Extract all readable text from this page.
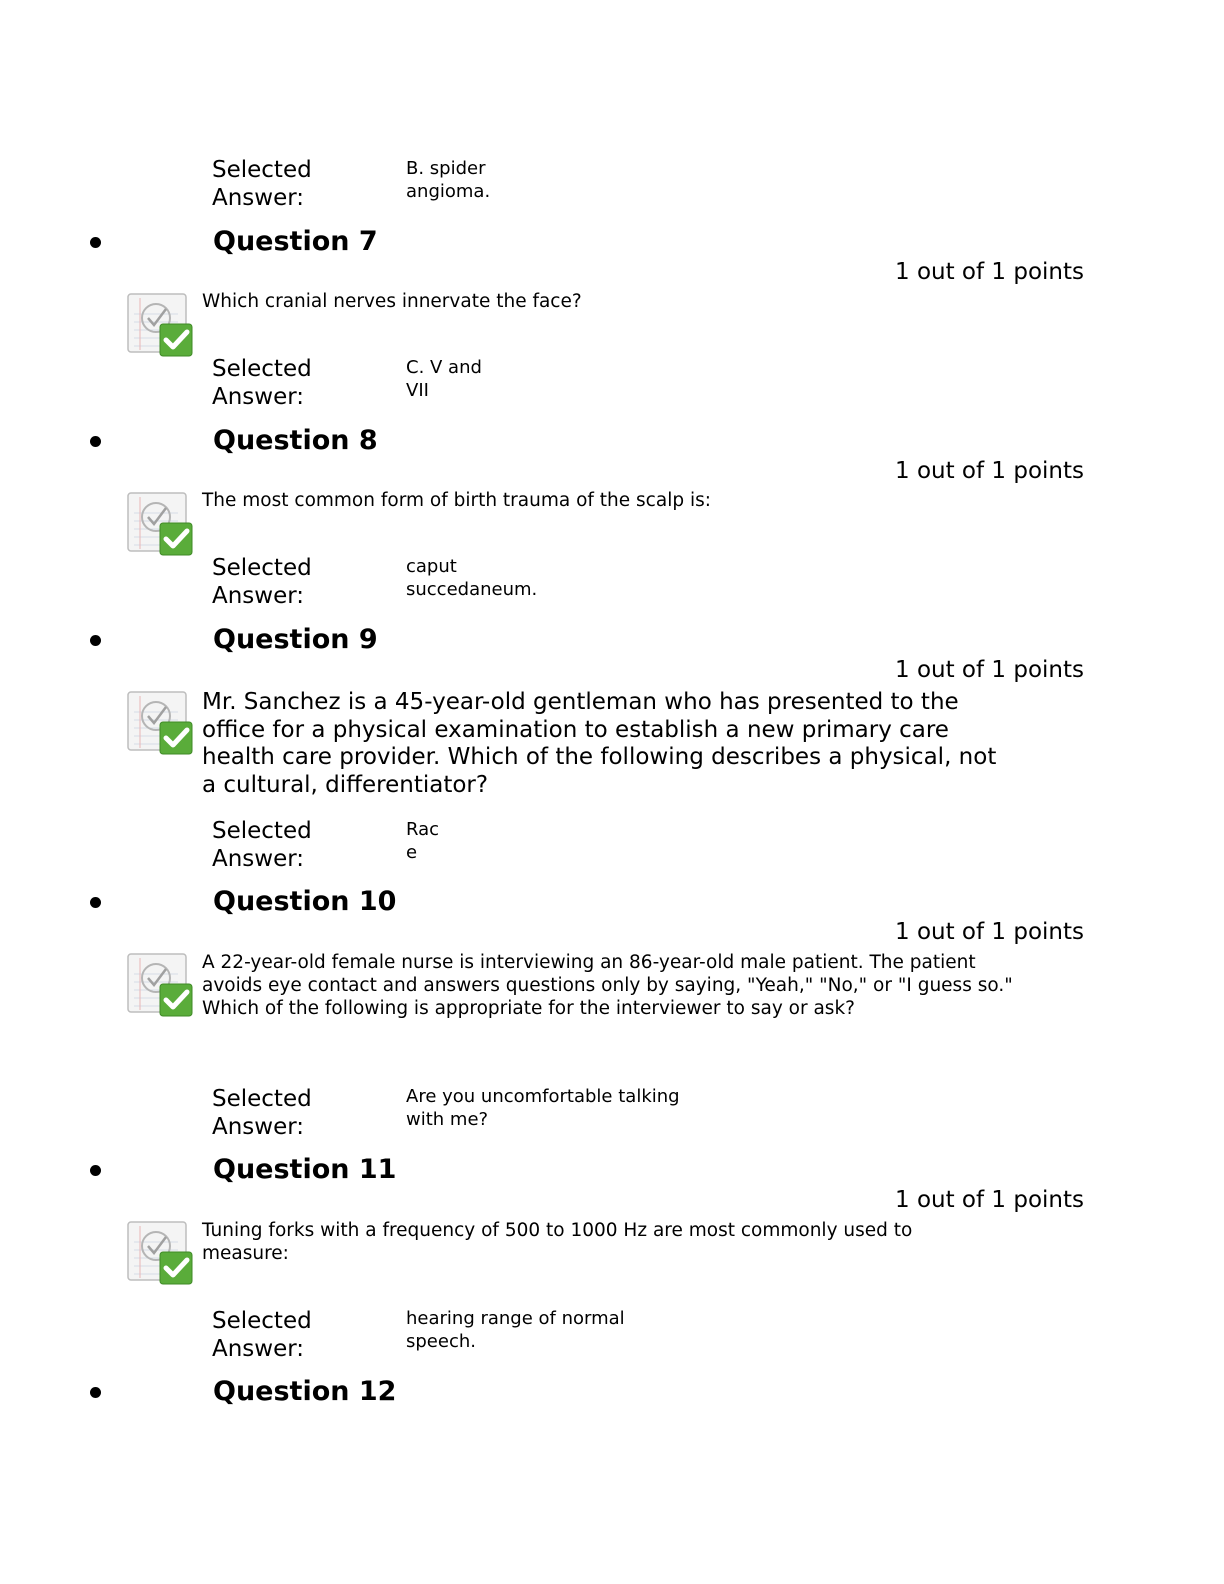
Selected
Answer:
B. spider
angioma.
Question 7
1 out of 1 points
Which cranial nerves innervate the face?
Selected
Answer:
C. V and
VII
Question 8
1 out of 1 points
The most common form of birth trauma of the scalp is:
Selected
Answer:
caput
succedaneum.
Question 9
1 out of 1 points
Mr. Sanchez is a 45-year-old gentleman who has presented to the office for a physical examination to establish a new primary care health care provider. Which of the following describes a physical, not a cultural, differentiator?
Selected
Answer:
Rac
e
Question 10
1 out of 1 points
A 22-year-old female nurse is interviewing an 86-year-old male patient. The patient avoids eye contact and answers questions only by saying, "Yeah," "No," or "I guess so." Which of the following is appropriate for the interviewer to say or ask?
Selected
Answer:
Are you uncomfortable talking
with me?
Question 11
1 out of 1 points
Tuning forks with a frequency of 500 to 1000 Hz are most commonly used to measure:
Selected
Answer:
hearing range of normal
speech.
Question 12
